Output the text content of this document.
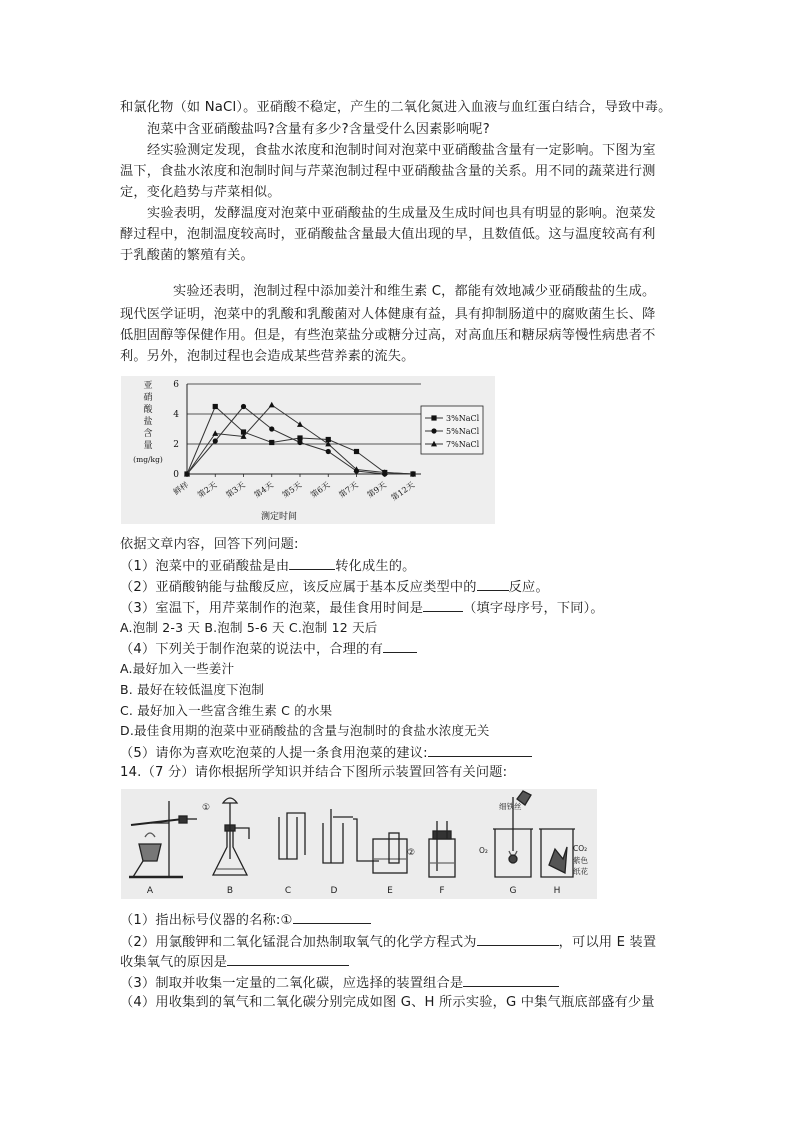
和氯化物（如 NaCl）。亚硝酸不稳定，产生的二氧化氮进入血液与血红蛋白结合，导致中毒。
泡菜中含亚硝酸盐吗?含量有多少?含量受什么因素影响呢?
经实验测定发现，食盐水浓度和泡制时间对泡菜中亚硝酸盐含量有一定影响。下图为室
温下，食盐水浓度和泡制时间与芹菜泡制过程中亚硝酸盐含量的关系。用不同的蔬菜进行测
定，变化趋势与芹菜相似。
实验表明，发酵温度对泡菜中亚硝酸盐的生成量及生成时间也具有明显的影响。泡菜发
酵过程中，泡制温度较高时，亚硝酸盐含量最大值出现的早，且数值低。这与温度较高有利
于乳酸菌的繁殖有关。
实验还表明，泡制过程中添加姜汁和维生素 C，都能有效地减少亚硝酸盐的生成。
现代医学证明，泡菜中的乳酸和乳酸菌对人体健康有益，具有抑制肠道中的腐败菌生长、降
低胆固醇等保健作用。但是，有些泡菜盐分或糖分过高，对高血压和糖尿病等慢性病患者不
利。另外，泡制过程也会造成某些营养素的流失。
亚
硝
酸
盐
含
量
(mg/kg)
0
2
4
6
鲜样 第2天 第3天 第4天 第5天 第6天 第7天 第9天 第12天
3%NaCl
5%NaCl
7%NaCl
测定时间
依据文章内容，回答下列问题:
（1）泡菜中的亚硝酸盐是由	转化成生的。
（2）亚硝酸钠能与盐酸反应，该反应属于基本反应类型中的 反应。
（3）室温下，用芹菜制作的泡菜，最佳食用时间是	（填字母序号，下同）。
A.泡制 2-3 天 B.泡制 5-6 天 C.泡制 12 天后
（4）下列关于制作泡菜的说法中，合理的有
A.最好加入一些姜汁
B. 最好在较低温度下泡制
C. 最好加入一些富含维生素 C 的水果
D.最佳食用期的泡菜中亚硝酸盐的含量与泡制时的食盐水浓度无关
（5）请你为喜欢吃泡菜的人提一条食用泡菜的建议:
14.（7 分）请你根据所学知识并结合下图所示装置回答有关问题:
A	B	C	D	E	F	G	H
①
②
细铁丝
O₂	CO₂
紫色
纸花
（1）指出标号仪器的名称:①
（2）用氯酸钾和二氧化锰混合加热制取氧气的化学方程式为	，可以用 E 装置
收集氧气的原因是
（3）制取并收集一定量的二氧化碳，应选择的装置组合是
（4）用收集到的氧气和二氧化碳分别完成如图 G、H 所示实验，G 中集气瓶底部盛有少量
